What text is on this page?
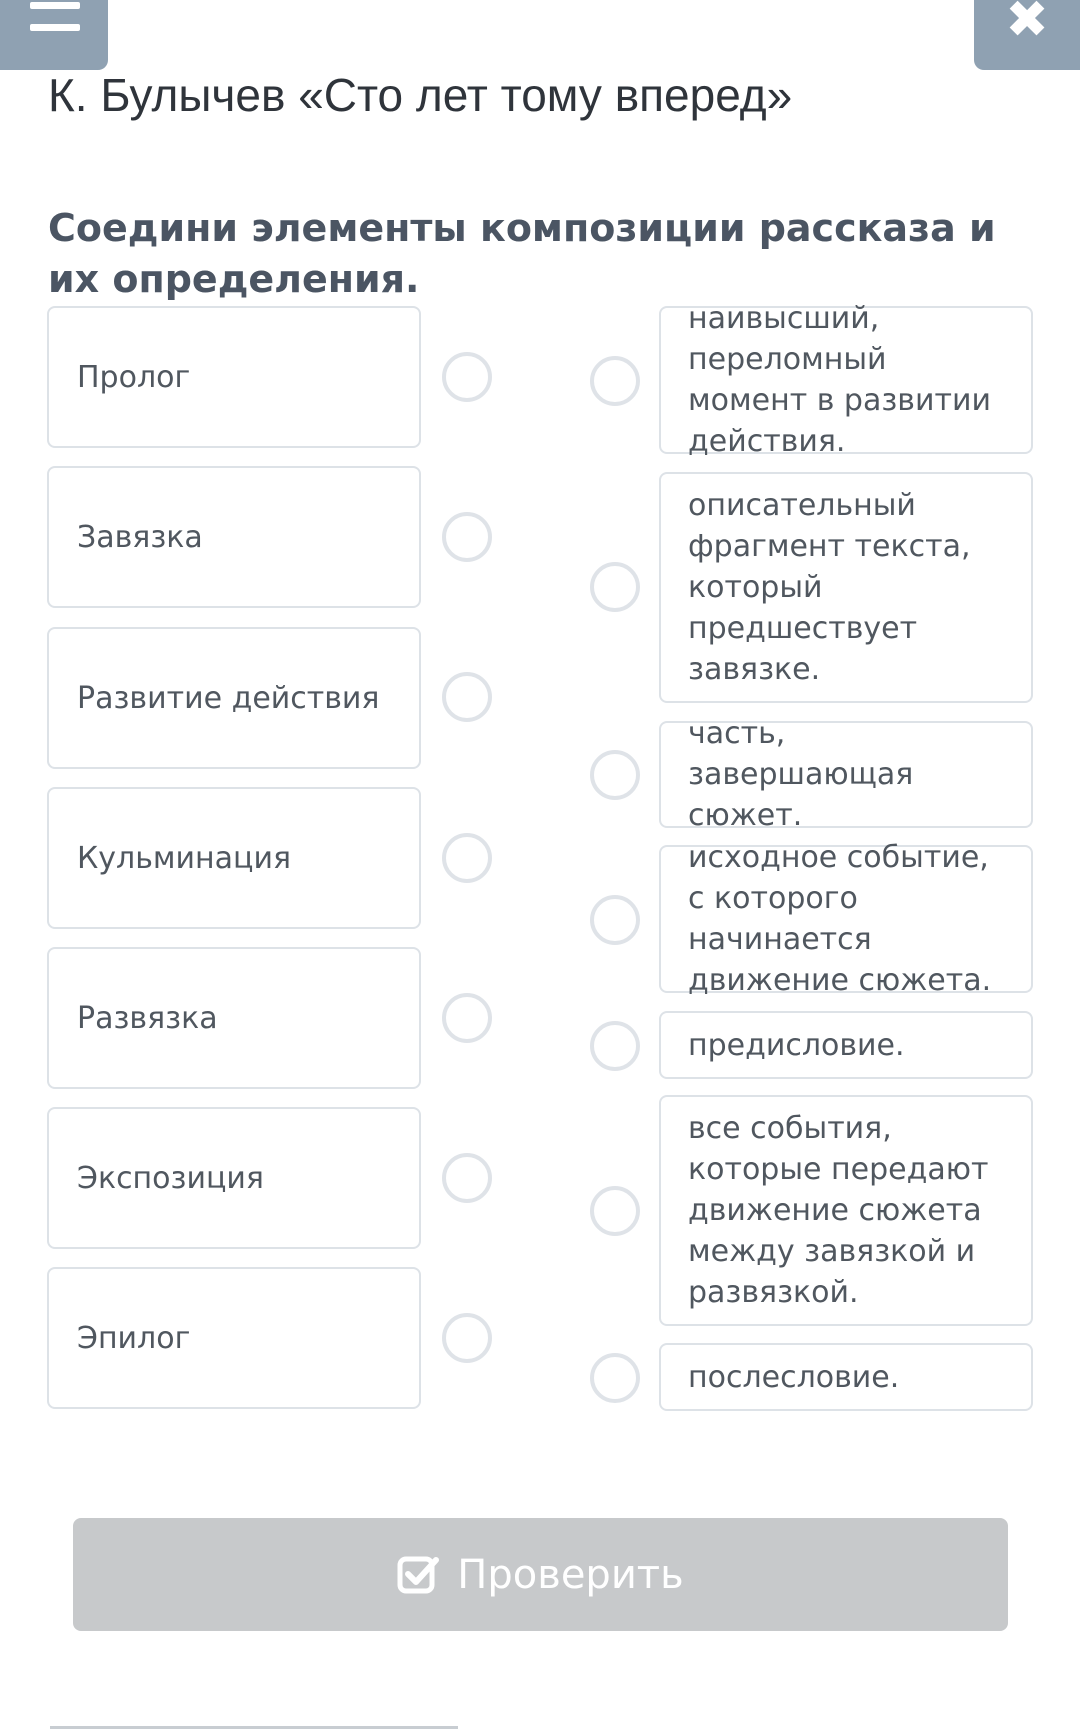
✖
К. Булычев «Сто лет тому вперед»
Соедини элементы композиции рассказа и их определения.
Пролог
Завязка
Развитие действия
Кульминация
Развязка
Экспозиция
Эпилог
наивысший, переломный момент в развитии действия.
описательный фрагмент текста, который предшествует завязке.
часть, завершающая сюжет.
исходное событие, с которого начинается движение сюжета.
предисловие.
все события, которые передают движение сюжета между завязкой и развязкой.
послесловие.
Проверить
